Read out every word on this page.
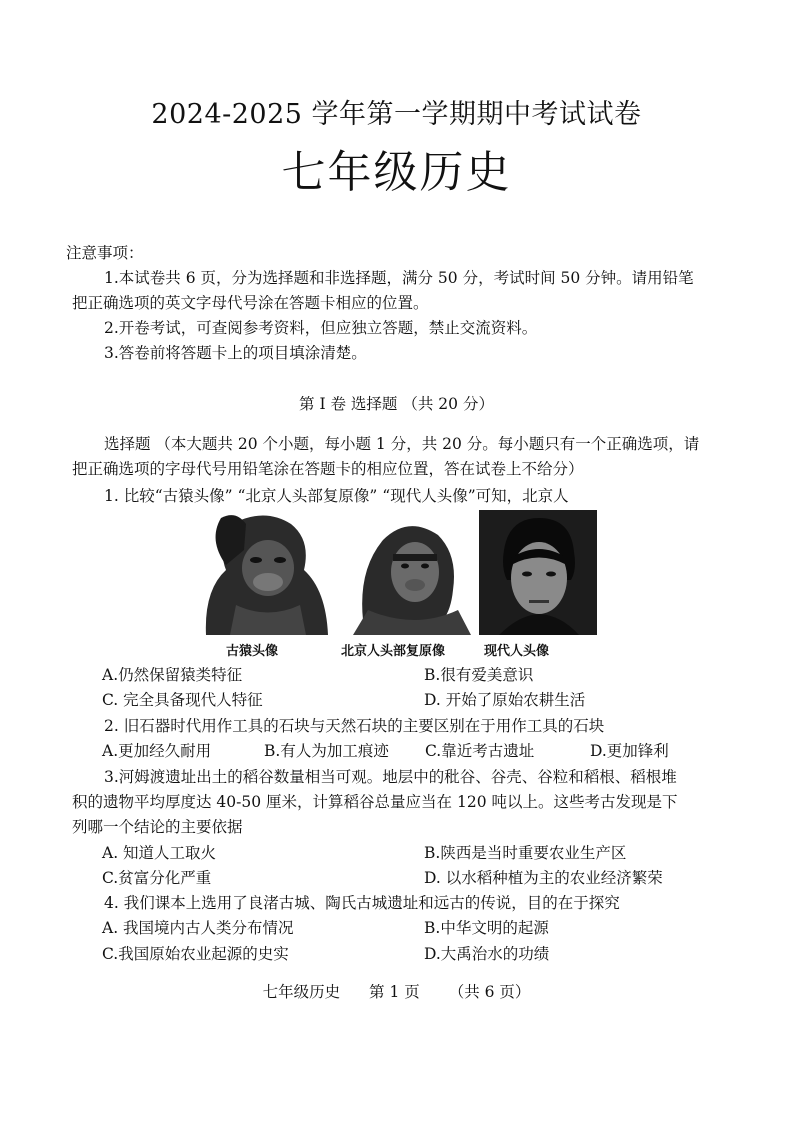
2024-2025 学年第一学期期中考试试卷
七年级历史
注意事项：
1.本试卷共 6 页，分为选择题和非选择题，满分 50 分，考试时间 50 分钟。请用铅笔
把正确选项的英文字母代号涂在答题卡相应的位置。
2.开卷考试，可查阅参考资料，但应独立答题，禁止交流资料。
3.答卷前将答题卡上的项目填涂清楚。
第 I 卷 选择题 （共 20 分）
选择题 （本大题共 20 个小题，每小题 1 分，共 20 分。每小题只有一个正确选项，请
把正确选项的字母代号用铅笔涂在答题卡的相应位置，答在试卷上不给分）
1. 比较“古猿头像” “北京人头部复原像” “现代人头像”可知，北京人
古猿头像	北京人头部复原像	现代人头像
A.仍然保留猿类特征	B.很有爱美意识
C. 完全具备现代人特征	D. 开始了原始农耕生活
2. 旧石器时代用作工具的石块与天然石块的主要区别在于用作工具的石块
A.更加经久耐用	B.有人为加工痕迹 C.靠近考古遗址	D.更加锋利
3.河姆渡遗址出土的稻谷数量相当可观。地层中的秕谷、谷壳、谷粒和稻根、稻根堆
积的遗物平均厚度达 40-50 厘米，计算稻谷总量应当在 120 吨以上。这些考古发现是下
列哪一个结论的主要依据
A. 知道人工取火	B.陕西是当时重要农业生产区
C.贫富分化严重	D. 以水稻种植为主的农业经济繁荣
4. 我们课本上选用了良渚古城、陶氏古城遗址和远古的传说，目的在于探究
A. 我国境内古人类分布情况	B.中华文明的起源
C.我国原始农业起源的史实	D.大禹治水的功绩
七年级历史 第 1 页 （共 6 页）
